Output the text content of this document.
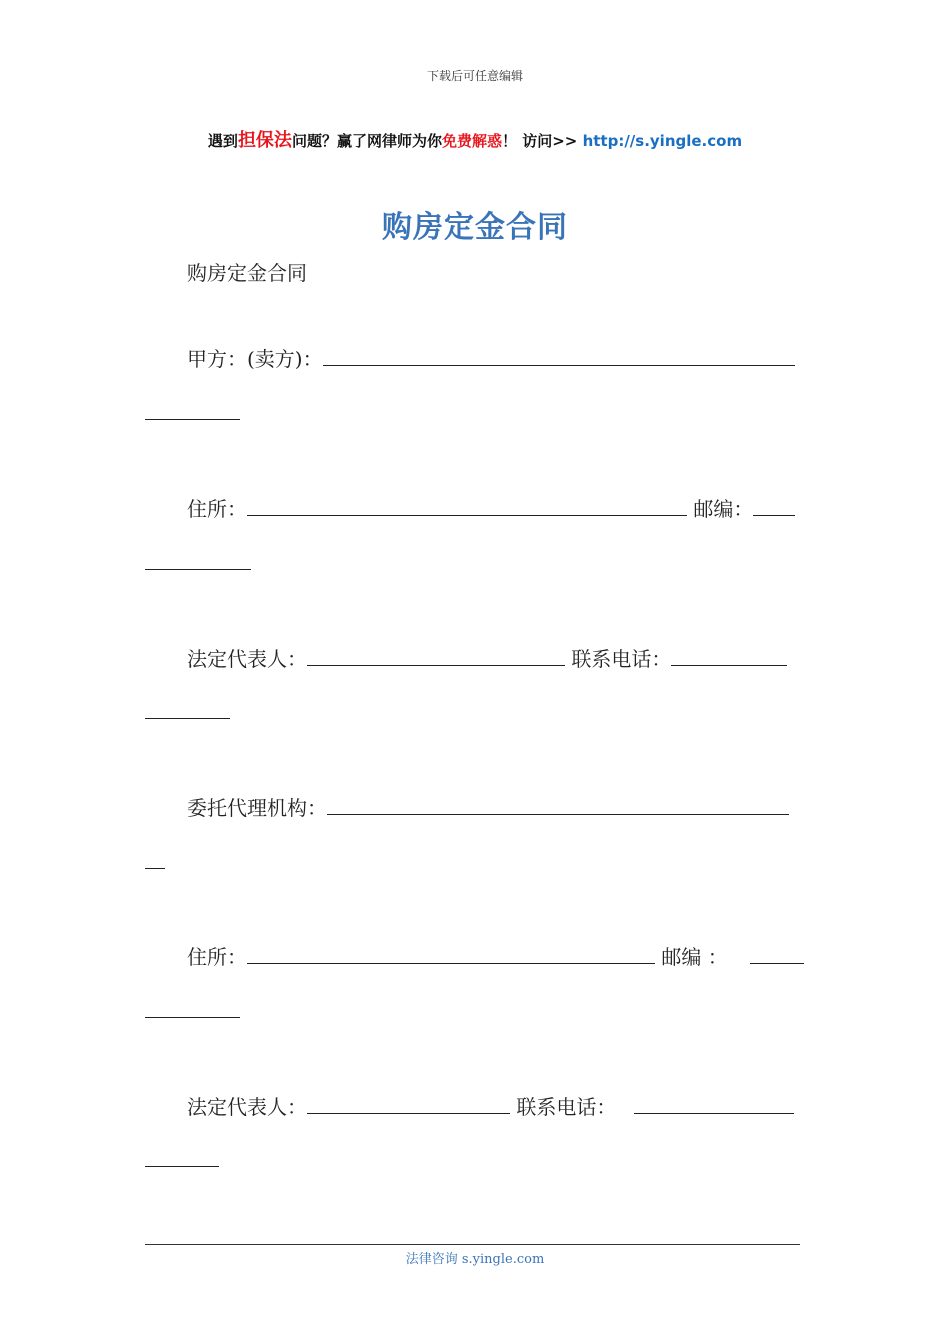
下载后可任意编辑
遇到担保法问题？赢了网律师为你免费解惑！ 访问>> http://s.yingle.com
购房定金合同
购房定金合同
甲方：(卖方)：
住所：	邮编：
法定代表人：	联系电话：
委托代理机构：
住所：	邮编 ：
法定代表人：	联系电话：
法律咨询 s.yingle.com
